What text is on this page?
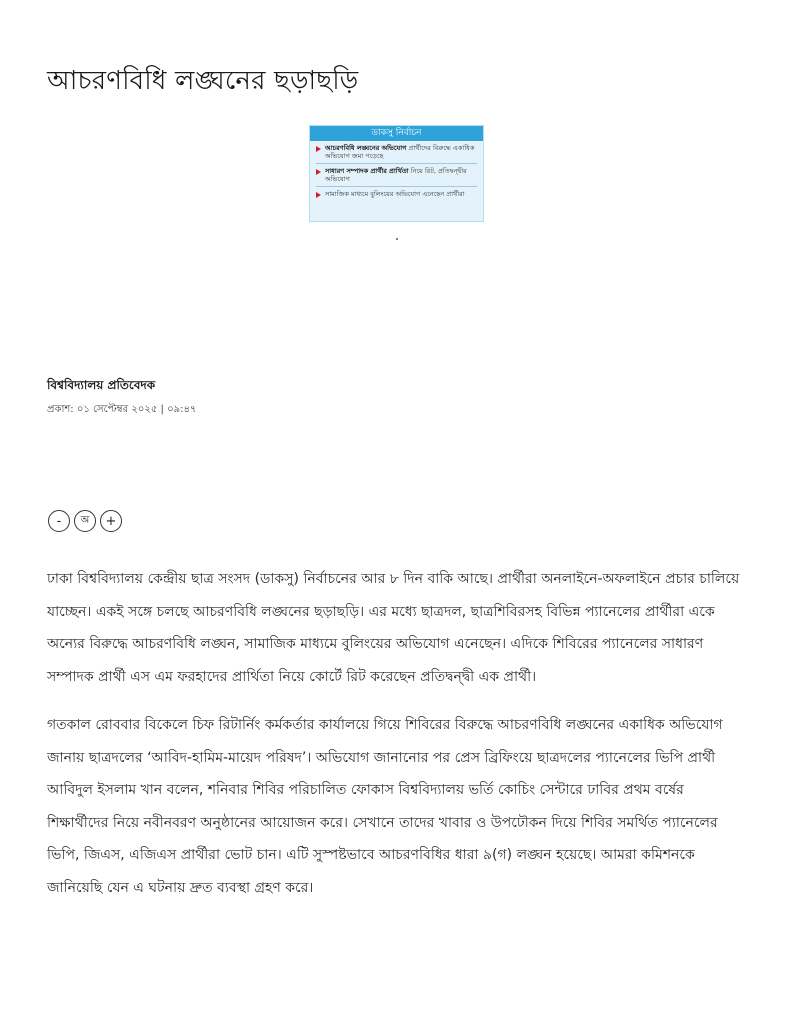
আচরণবিধি লঙ্ঘনের ছড়াছড়ি
ডাকসু নির্বাচন
আচরণবিধি লঙ্ঘনের অভিযোগ প্রার্থীদের বিরুদ্ধে একাধিক অভিযোগ জমা পড়েছে
সাধারণ সম্পাদক প্রার্থীর প্রার্থিতা নিয়ে রিট, প্রতিদ্বন্দ্বীর অভিযোগ
সামাজিক মাধ্যমে বুলিংয়ের অভিযোগ এনেছেন প্রার্থীরা
বিশ্ববিদ্যালয় প্রতিবেদক
প্রকাশ: ০১ সেপ্টেম্বর ২০২৫ | ০৯:৪৭
-	অ	+

ঢাকা বিশ্ববিদ্যালয় কেন্দ্রীয় ছাত্র সংসদ (ডাকসু) নির্বাচনের আর ৮ দিন বাকি আছে। প্রার্থীরা অনলাইনে-অফলাইনে প্রচার চালিয়ে যাচ্ছেন। একই সঙ্গে চলছে আচরণবিধি লঙ্ঘনের ছড়াছড়ি। এর মধ্যে ছাত্রদল, ছাত্রশিবিরসহ বিভিন্ন প্যানেলের প্রার্থীরা একে অন্যের বিরুদ্ধে আচরণবিধি লঙ্ঘন, সামাজিক মাধ্যমে বুলিংয়ের অভিযোগ এনেছেন। এদিকে শিবিরের প্যানেলের সাধারণ সম্পাদক প্রার্থী এস এম ফরহাদের প্রার্থিতা নিয়ে কোর্টে রিট করেছেন প্রতিদ্বন্দ্বী এক প্রার্থী।

গতকাল রোববার বিকেলে চিফ রিটার্নিং কর্মকর্তার কার্যালয়ে গিয়ে শিবিরের বিরুদ্ধে আচরণবিধি লঙ্ঘনের একাধিক অভিযোগ জানায় ছাত্রদলের ‘আবিদ-হামিম-মায়েদ পরিষদ’। অভিযোগ জানানোর পর প্রেস ব্রিফিংয়ে ছাত্রদলের প্যানেলের ভিপি প্রার্থী আবিদুল ইসলাম খান বলেন, শনিবার শিবির পরিচালিত ফোকাস বিশ্ববিদ্যালয় ভর্তি কোচিং সেন্টারে ঢাবির প্রথম বর্ষের শিক্ষার্থীদের নিয়ে নবীনবরণ অনুষ্ঠানের আয়োজন করে। সেখানে তাদের খাবার ও উপঢৌকন দিয়ে শিবির সমর্থিত প্যানেলের ভিপি, জিএস, এজিএস প্রার্থীরা ভোট চান। এটি সুস্পষ্টভাবে আচরণবিধির ধারা ৯(গ) লঙ্ঘন হয়েছে। আমরা কমিশনকে জানিয়েছি যেন এ ঘটনায় দ্রুত ব্যবস্থা গ্রহণ করে।
